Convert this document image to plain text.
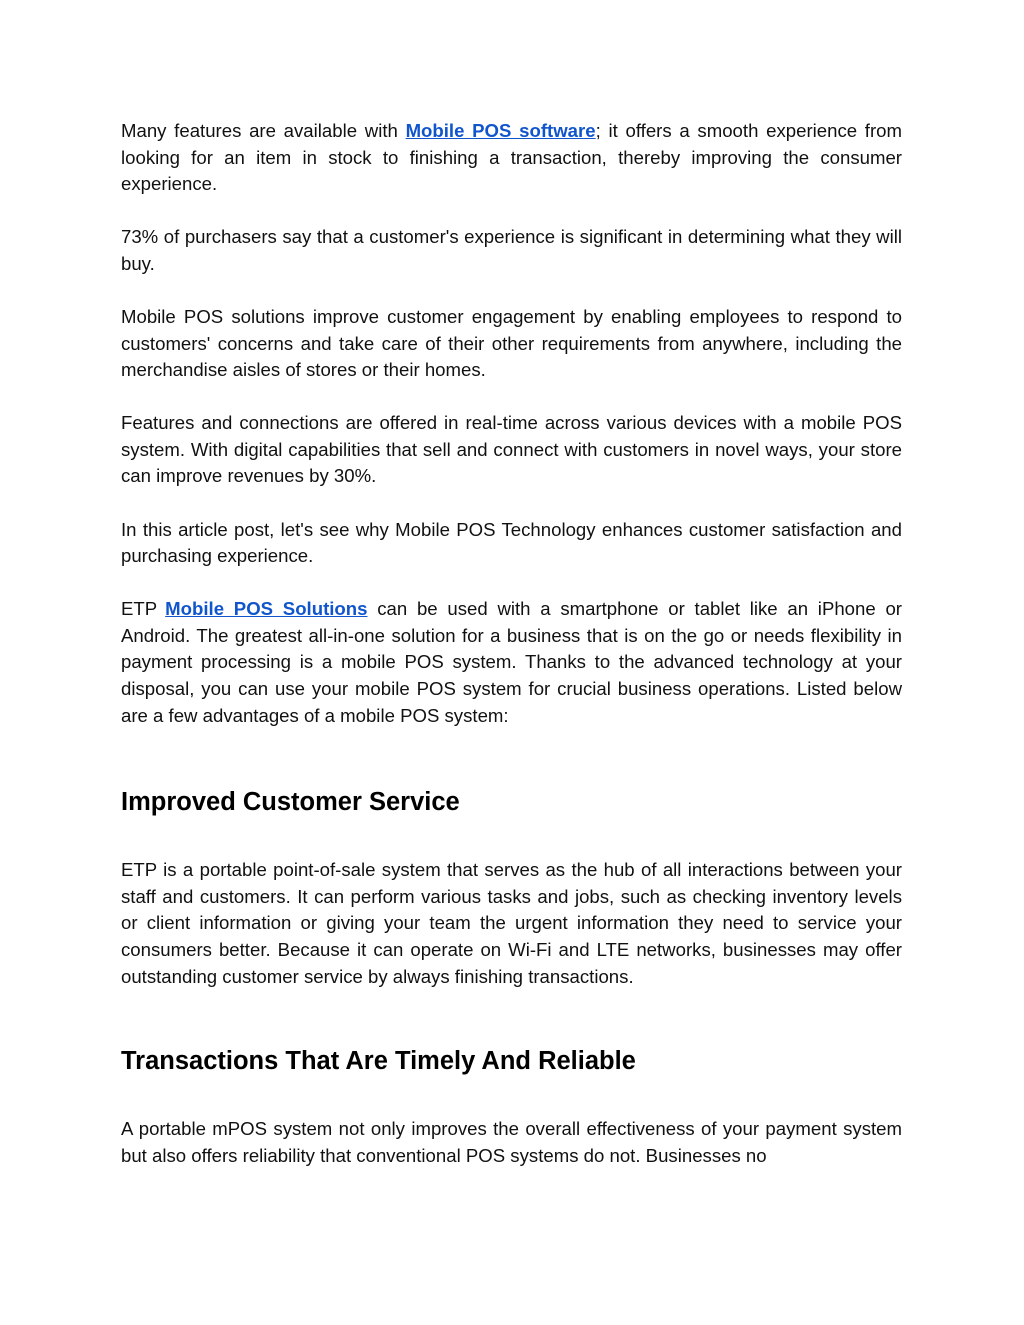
Many features are available with Mobile POS software; it offers a smooth experience from looking for an item in stock to finishing a transaction, thereby improving the consumer experience.

73% of purchasers say that a customer's experience is significant in determining what they will buy.

Mobile POS solutions improve customer engagement by enabling employees to respond to customers' concerns and take care of their other requirements from anywhere, including the merchandise aisles of stores or their homes.

Features and connections are offered in real-time across various devices with a mobile POS system. With digital capabilities that sell and connect with customers in novel ways, your store can improve revenues by 30%.

In this article post, let's see why Mobile POS Technology enhances customer satisfaction and purchasing experience.

ETP Mobile POS Solutions can be used with a smartphone or tablet like an iPhone or Android. The greatest all-in-one solution for a business that is on the go or needs flexibility in payment processing is a mobile POS system. Thanks to the advanced technology at your disposal, you can use your mobile POS system for crucial business operations. Listed below are a few advantages of a mobile POS system:

Improved Customer Service

ETP is a portable point-of-sale system that serves as the hub of all interactions between your staff and customers. It can perform various tasks and jobs, such as checking inventory levels or client information or giving your team the urgent information they need to service your consumers better. Because it can operate on Wi-Fi and LTE networks, businesses may offer outstanding customer service by always finishing transactions.

Transactions That Are Timely And Reliable

A portable mPOS system not only improves the overall effectiveness of your payment system but also offers reliability that conventional POS systems do not. Businesses no
